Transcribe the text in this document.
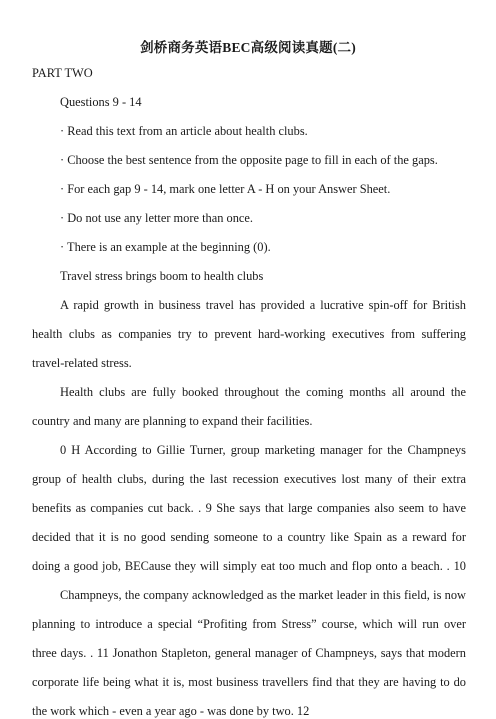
剑桥商务英语BEC高级阅读真题(二)
PART TWO
Questions 9 - 14
· Read this text from an article about health clubs.
· Choose the best sentence from the opposite page to fill in each of the gaps.
· For each gap 9 - 14, mark one letter A - H on your Answer Sheet.
· Do not use any letter more than once.
· There is an example at the beginning (0).
Travel stress brings boom to health clubs
A rapid growth in business travel has provided a lucrative spin-off for British
health clubs as companies try to prevent hard-working executives from suffering
travel-related stress.
Health clubs are fully booked throughout the coming months all around the
country and many are planning to expand their facilities.
0 H According to Gillie Turner, group marketing manager for the Champneys
group of health clubs, during the last recession executives lost many of their extra
benefits as companies cut back. . 9 She says that large companies also seem to have
decided that it is no good sending someone to a country like Spain as a reward for
doing a good job, BECause they will simply eat too much and flop onto a beach. . 10
Champneys, the company acknowledged as the market leader in this field, is now
planning to introduce a special “Profiting from Stress” course, which will run over
three days. . 11 Jonathon Stapleton, general manager of Champneys, says that modern
corporate life being what it is, most business travellers find that they are having to do
the work which - even a year ago - was done by two. 12
